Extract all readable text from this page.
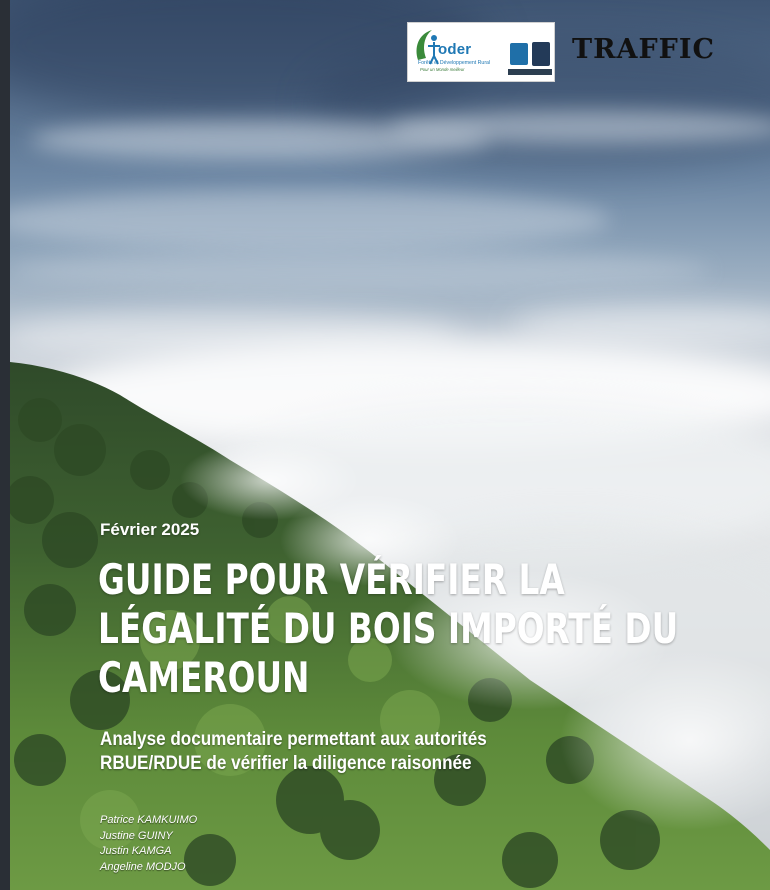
oder
Forêts et Développement Rural
Pour un Monde meilleur
TRAFFIC
Février 2025
GUIDE POUR VÉRIFIER LA LÉGALITÉ DU BOIS IMPORTÉ DU CAMEROUN
Analyse documentaire permettant aux autorités RBUE/RDUE de vérifier la diligence raisonnée
Patrice KAMKUIMO
Justine GUINY
Justin KAMGA
Angeline MODJO
